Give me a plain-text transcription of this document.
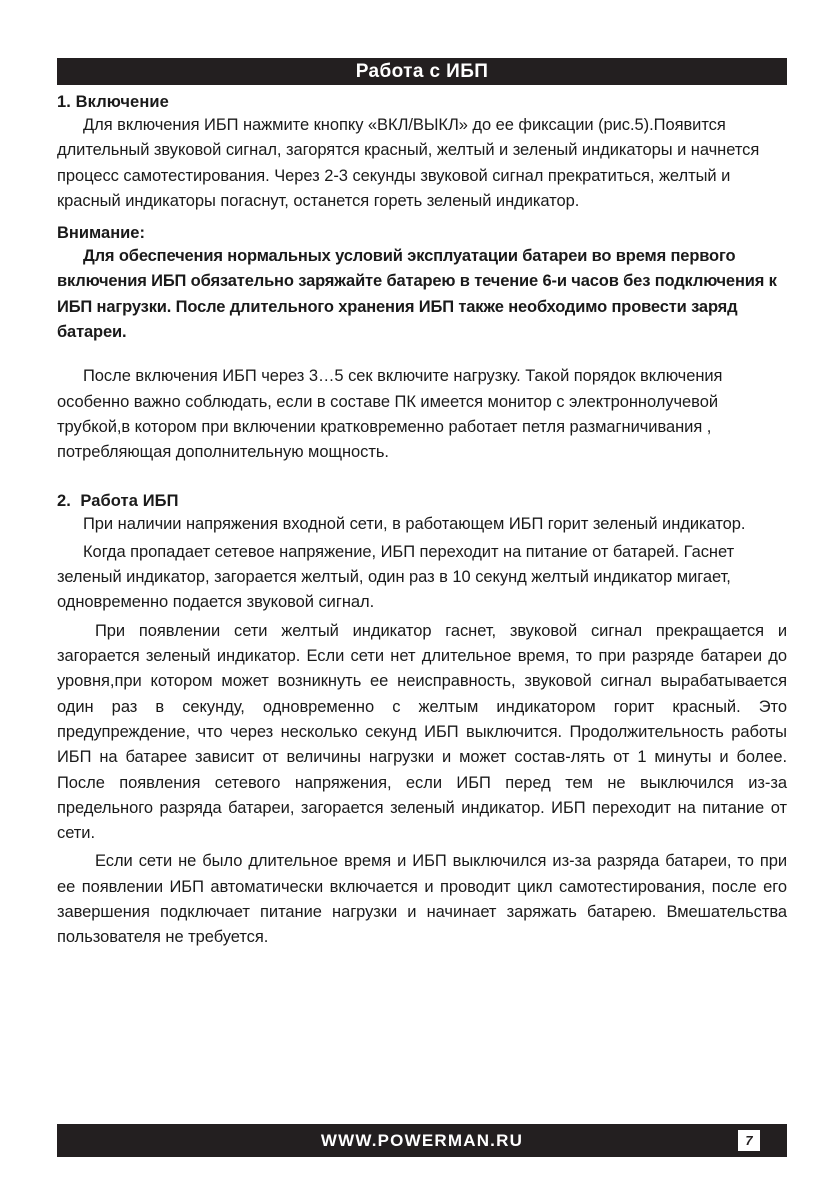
Работа с ИБП
1. Включение

Для включения ИБП нажмите кнопку «ВКЛ/ВЫКЛ» до ее фиксации (рис.5).Появится длительный звуковой сигнал, загорятся красный, желтый и зеленый индикаторы и начнется процесс самотестирования. Через 2-3 секунды звуковой сигнал прекратиться, желтый и красный индикаторы погаснут, останется гореть зеленый индикатор.

Внимание:

Для обеспечения нормальных условий эксплуатации батареи во время первого включения ИБП обязательно заряжайте батарею в течение 6-и часов без подключения к ИБП нагрузки. После длительного хранения ИБП также необходимо провести заряд батареи.

После включения ИБП через 3…5 сек включите нагрузку. Такой порядок включения особенно важно соблюдать, если в составе ПК имеется монитор с электроннолучевой трубкой,в котором при включении кратковременно работает петля размагничивания , потребляющая дополнительную мощность.

2.  Работа ИБП

При наличии напряжения входной сети, в работающем ИБП горит зеленый индикатор.

Когда пропадает сетевое напряжение, ИБП переходит на питание от батарей. Гаснет зеленый индикатор, загорается желтый, один раз в 10 секунд желтый индикатор мигает, одновременно подается звуковой сигнал.

При появлении сети желтый индикатор гаснет, звуковой сигнал прекращается и загорается зеленый индикатор. Если сети нет длительное время, то при разряде батареи до уровня,при котором может возникнуть ее неисправность, звуковой сигнал вырабатывается один раз в секунду, одновременно с желтым индикатором горит красный. Это предупреждение, что через несколько секунд ИБП выключится. Продолжительность работы ИБП на батарее зависит от величины нагрузки и может состав-лять от 1 минуты и более. После появления сетевого напряжения, если ИБП перед тем не выключился из-за предельного разряда батареи, загорается зеленый индикатор. ИБП переходит на питание от сети.

Если сети не было длительное время и ИБП выключился из-за разряда батареи, то при ее появлении ИБП автоматически включается и проводит цикл самотестирования, после его завершения подключает питание нагрузки и начинает заряжать батарею. Вмешательства пользователя не требуется.

WWW.POWERMAN.RU	7
